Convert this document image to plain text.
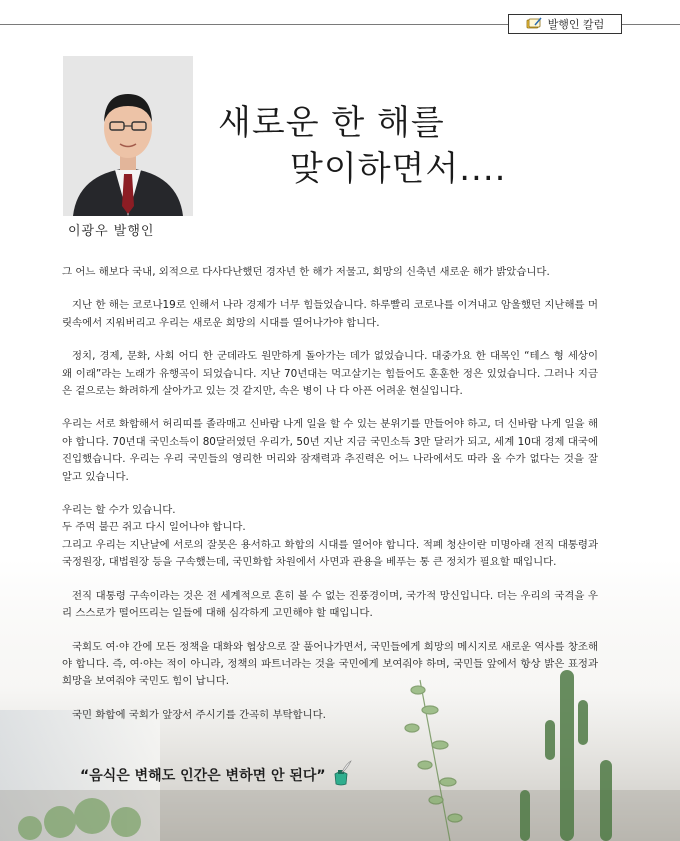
발행인 칼럼
이광우 발행인
새로운 한 해를
맞이하면서....

그 어느 해보다 국내, 외적으로 다사다난했던 경자년 한 해가 저물고, 희망의 신축년 새로운 해가 밝았습니다.

지난 한 해는 코로나19로 인해서 나라 경제가 너무 힘들었습니다. 하루빨리 코로나를 이겨내고 암울했던 지난해를 머릿속에서 지워버리고 우리는 새로운 희망의 시대를 열어나가야 합니다.

정치, 경제, 문화, 사회 어디 한 군데라도 원만하게 돌아가는 데가 없었습니다. 대중가요 한 대목인 “테스 형 세상이 왜 이래”라는 노래가 유행곡이 되었습니다. 지난 70년대는 먹고살기는 힘들어도 훈훈한 정은 있었습니다. 그러나 지금은 겉으로는 화려하게 살아가고 있는 것 같지만, 속은 병이 나 다 아픈 어려운 현실입니다.

우리는 서로 화합해서 허리띠를 졸라매고 신바람 나게 일을 할 수 있는 분위기를 만들어야 하고, 더 신바람 나게 일을 해야 합니다. 70년대 국민소득이 80달러였던 우리가, 50년 지난 지금 국민소득 3만 달러가 되고, 세계 10대 경제 대국에 진입했습니다. 우리는 우리 국민들의 영리한 머리와 잠재력과 추진력은 어느 나라에서도 따라 올 수가 없다는 것을 잘 알고 있습니다.

우리는 할 수가 있습니다.

두 주먹 불끈 쥐고 다시 일어나야 합니다.

그리고 우리는 지난날에 서로의 잘못은 용서하고 화합의 시대를 열어야 합니다. 적폐 청산이란 미명아래 전직 대통령과 국정원장, 대법원장 등을 구속했는데, 국민화합 차원에서 사면과 관용을 베푸는 통 큰 정치가 필요할 때입니다.

전직 대통령 구속이라는 것은 전 세계적으로 흔히 볼 수 없는 진풍경이며, 국가적 망신입니다. 더는 우리의 국격을 우리 스스로가 떨어뜨리는 일들에 대해 심각하게 고민해야 할 때입니다.

국회도 여·야 간에 모든 정책을 대화와 협상으로 잘 풀어나가면서, 국민들에게 희망의 메시지로 새로운 역사를 창조해야 합니다. 즉, 여·야는 적이 아니라, 정책의 파트너라는 것을 국민에게 보여줘야 하며, 국민들 앞에서 항상 밝은 표정과 희망을 보여줘야 국민도 힘이 납니다.

국민 화합에 국회가 앞장서 주시기를 간곡히 부탁합니다.

“음식은 변해도 인간은 변하면 안 된다”
